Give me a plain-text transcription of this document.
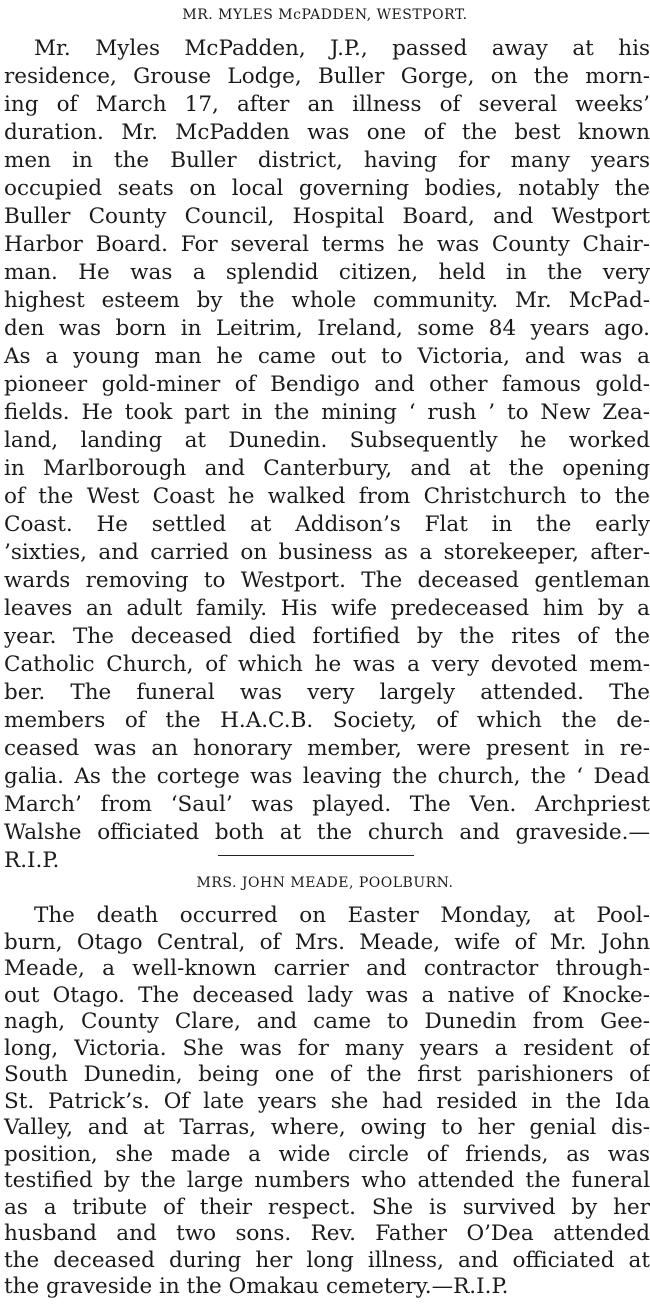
MR. MYLES McPADDEN, WESTPORT.
Mr. Myles McPadden, J.P., passed away at his
residence, Grouse Lodge, Buller Gorge, on the morn-
ing of March 17, after an illness of several weeks’
duration. Mr. McPadden was one of the best known
men in the Buller district, having for many years
occupied seats on local governing bodies, notably the
Buller County Council, Hospital Board, and Westport
Harbor Board. For several terms he was County Chair-
man. He was a splendid citizen, held in the very
highest esteem by the whole community. Mr. McPad-
den was born in Leitrim, Ireland, some 84 years ago.
As a young man he came out to Victoria, and was a
pioneer gold-miner of Bendigo and other famous gold-
fields. He took part in the mining ‘ rush ’ to New Zea-
land, landing at Dunedin. Subsequently he worked
in Marlborough and Canterbury, and at the opening
of the West Coast he walked from Christchurch to the
Coast. He settled at Addison’s Flat in the early
’sixties, and carried on business as a storekeeper, after-
wards removing to Westport. The deceased gentleman
leaves an adult family. His wife predeceased him by a
year. The deceased died fortified by the rites of the
Catholic Church, of which he was a very devoted mem-
ber. The funeral was very largely attended. The
members of the H.A.C.B. Society, of which the de-
ceased was an honorary member, were present in re-
galia. As the cortege was leaving the church, the ‘ Dead
March’ from ‘Saul’ was played. The Ven. Archpriest
Walshe officiated both at the church and graveside.—
R.I.P.
MRS. JOHN MEADE, POOLBURN.
The death occurred on Easter Monday, at Pool-
burn, Otago Central, of Mrs. Meade, wife of Mr. John
Meade, a well-known carrier and contractor through-
out Otago. The deceased lady was a native of Knocke-
nagh, County Clare, and came to Dunedin from Gee-
long, Victoria. She was for many years a resident of
South Dunedin, being one of the first parishioners of
St. Patrick’s. Of late years she had resided in the Ida
Valley, and at Tarras, where, owing to her genial dis-
position, she made a wide circle of friends, as was
testified by the large numbers who attended the funeral
as a tribute of their respect. She is survived by her
husband and two sons. Rev. Father O’Dea attended
the deceased during her long illness, and officiated at
the graveside in the Omakau cemetery.—R.I.P.
